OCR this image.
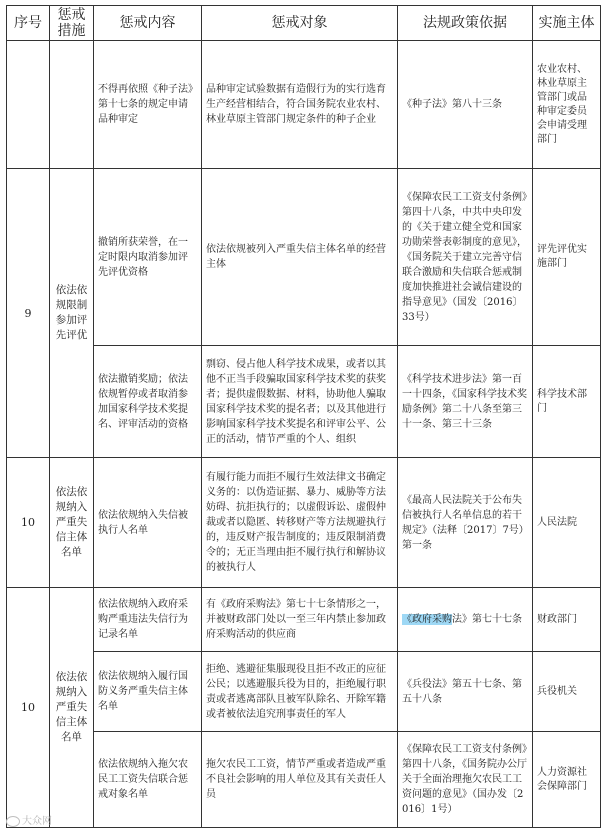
序号	惩戒措施	惩戒内容	惩戒对象	法规政策依据	实施主体
		不得再依照《种子法》第十七条的规定申请品种审定	品种审定试验数据有造假行为的实行选育生产经营相结合，符合国务院农业农村、林业草原主管部门规定条件的种子企业	《种子法》第八十三条	农业农村、林业草原主管部门或品种审定委员会申请受理部门
9	依法依规限制参加评先评优	撤销所获荣誉，在一定时限内取消参加评先评优资格	依法依规被列入严重失信主体名单的经营主体	《保障农民工工资支付条例》第四十八条，中共中央印发的《关于建立健全党和国家功勋荣誉表彰制度的意见》，《国务院关于建立完善守信联合激励和失信联合惩戒制度加快推进社会诚信建设的指导意见》（国发〔2016〕33号）	评先评优实施部门
		依法撤销奖励；依法依规暂停或者取消参加国家科学技术奖提名、评审活动的资格	剽窃、侵占他人科学技术成果，或者以其他不正当手段骗取国家科学技术奖的获奖者；提供虚假数据、材料，协助他人骗取国家科学技术奖的提名者；以及其他进行影响国家科学技术奖提名和评审公平、公正的活动，情节严重的个人、组织	《科学技术进步法》第一百一十四条，《国家科学技术奖励条例》第二十八条至第三十一条、第三十三条	科学技术部门
10	依法依规纳入严重失信主体名单	依法依规纳入失信被执行人名单	有履行能力而拒不履行生效法律文书确定义务的：以伪造证据、暴力、威胁等方法妨碍、抗拒执行的；以虚假诉讼、虚假仲裁或者以隐匿、转移财产等方法规避执行的，违反财产报告制度的；违反限制消费令的；无正当理由拒不履行执行和解协议的被执行人	《最高人民法院关于公布失信被执行人名单信息的若干规定》（法释〔2017〕7号）第一条	人民法院
10	依法依规纳入严重失信主体名单	依法依规纳入政府采购严重违法失信行为记录名单	有《政府采购法》第七十七条情形之一，并被财政部门处以一至三年内禁止参加政府采购活动的供应商	《政府采购法》第七十七条	财政部门
		依法依规纳入履行国防义务严重失信主体名单	拒绝、逃避征集服现役且拒不改正的应征公民；以逃避服兵役为目的，拒绝履行职责或者逃离部队且被军队除名、开除军籍或者被依法追究刑事责任的军人	《兵役法》第五十七条、第五十八条	兵役机关
		依法依规纳入拖欠农民工工资失信联合惩戒对象名单	拖欠农民工工资，情节严重或者造成严重不良社会影响的用人单位及其有关责任人员	《保障农民工工资支付条例》第四十八条，《国务院办公厅关于全面治理拖欠农民工工资问题的意见》（国办发〔2016〕1号）	人力资源社会保障部门
大众网
